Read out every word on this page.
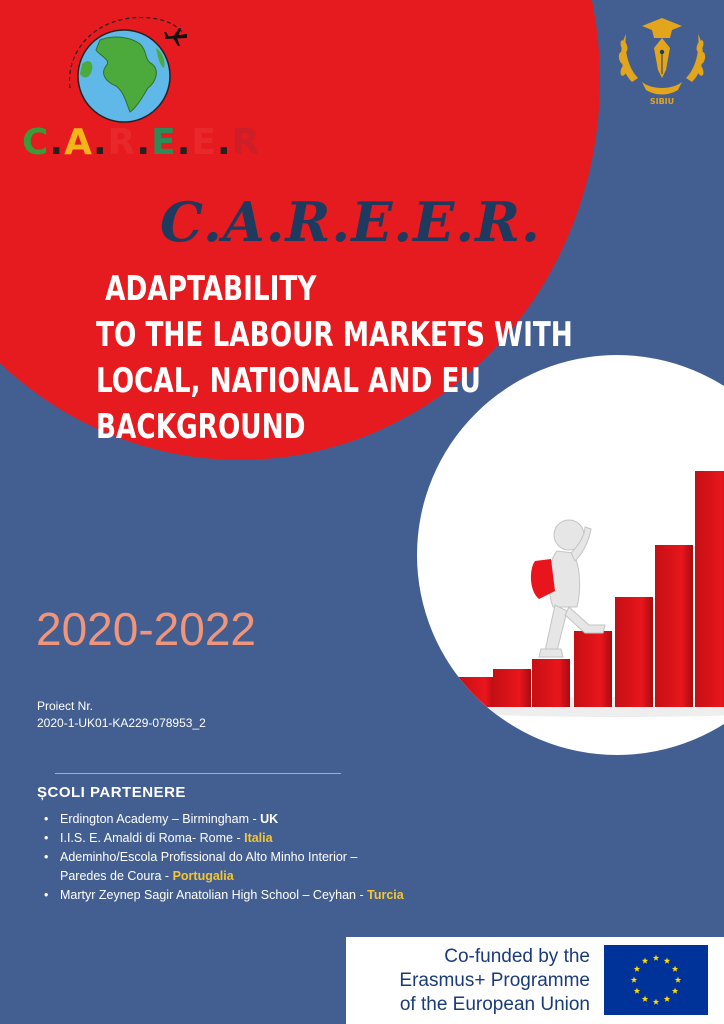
C.A.R.E.E.R
SIBIU
C.A.R.E.E.R.
ADAPTABILITY
TO THE LABOUR MARKETS WITH
LOCAL, NATIONAL AND EU
BACKGROUND
2020-2022
Proiect Nr.
2020-1-UK01-KA229-078953_2
ȘCOLI PARTENERE
• Erdington Academy – Birmingham - UK
• I.I.S. E. Amaldi di Roma- Rome - Italia
• Ademinho/Escola Profissional do Alto Minho Interior –
Paredes de Coura - Portugalia
• Martyr Zeynep Sagir Anatolian High School – Ceyhan - Turcia
Co-funded by the
Erasmus+ Programme
of the European Union
